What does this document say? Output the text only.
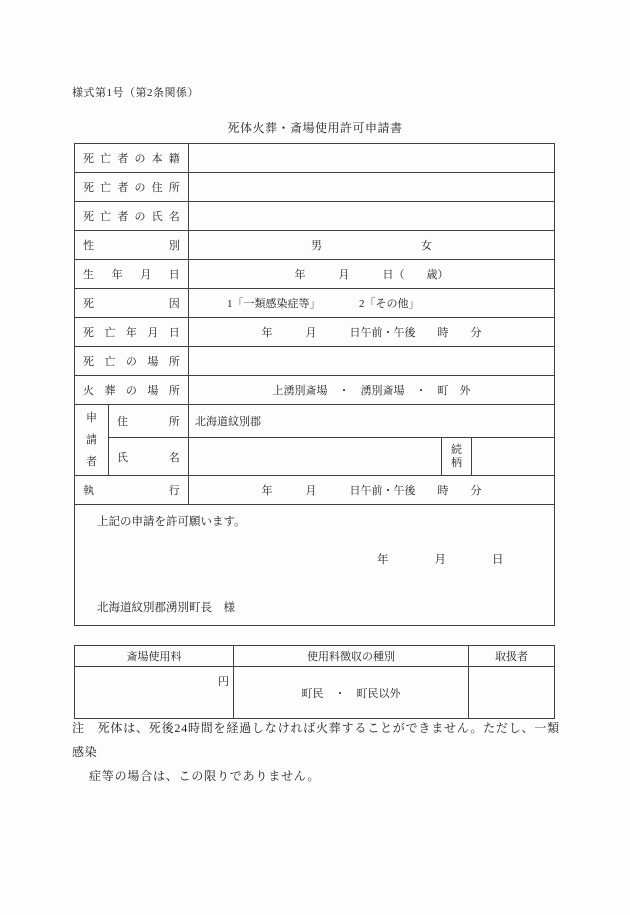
様式第1号（第2条関係）
死体火葬・斎場使用許可申請書
死 亡 者 の 本 籍				
死 亡 者 の 住 所				
死 亡 者 の 氏 名				
性 別		男　　　　　　　　　女		
生 年 月 日		年　　　月　　　日（　　歳）		
死 因		1「一類感染症等」　　　　2「その他」		
死 亡 年 月 日		年　　　月　　　日午前・午後　　時　　分		
死 亡 の 場 所				
火 葬 の 場 所		上湧別斎場　・　湧別斎場　・　町　外		
申請者	住 所	北海道紋別郡		
	氏 名		続柄	
執 行		年　　　月　　　日午前・午後　　時　　分		

上記の申請を許可願います。
年　　　　月　　　　日
北海道紋別郡湧別町長　様				
斎場使用料	使用料徴収の種別	取扱者
円	町民　・　町民以外	
注　死体は、死後24時間を経過しなければ火葬することができません。ただし、一類感染
症等の場合は、この限りでありません。
